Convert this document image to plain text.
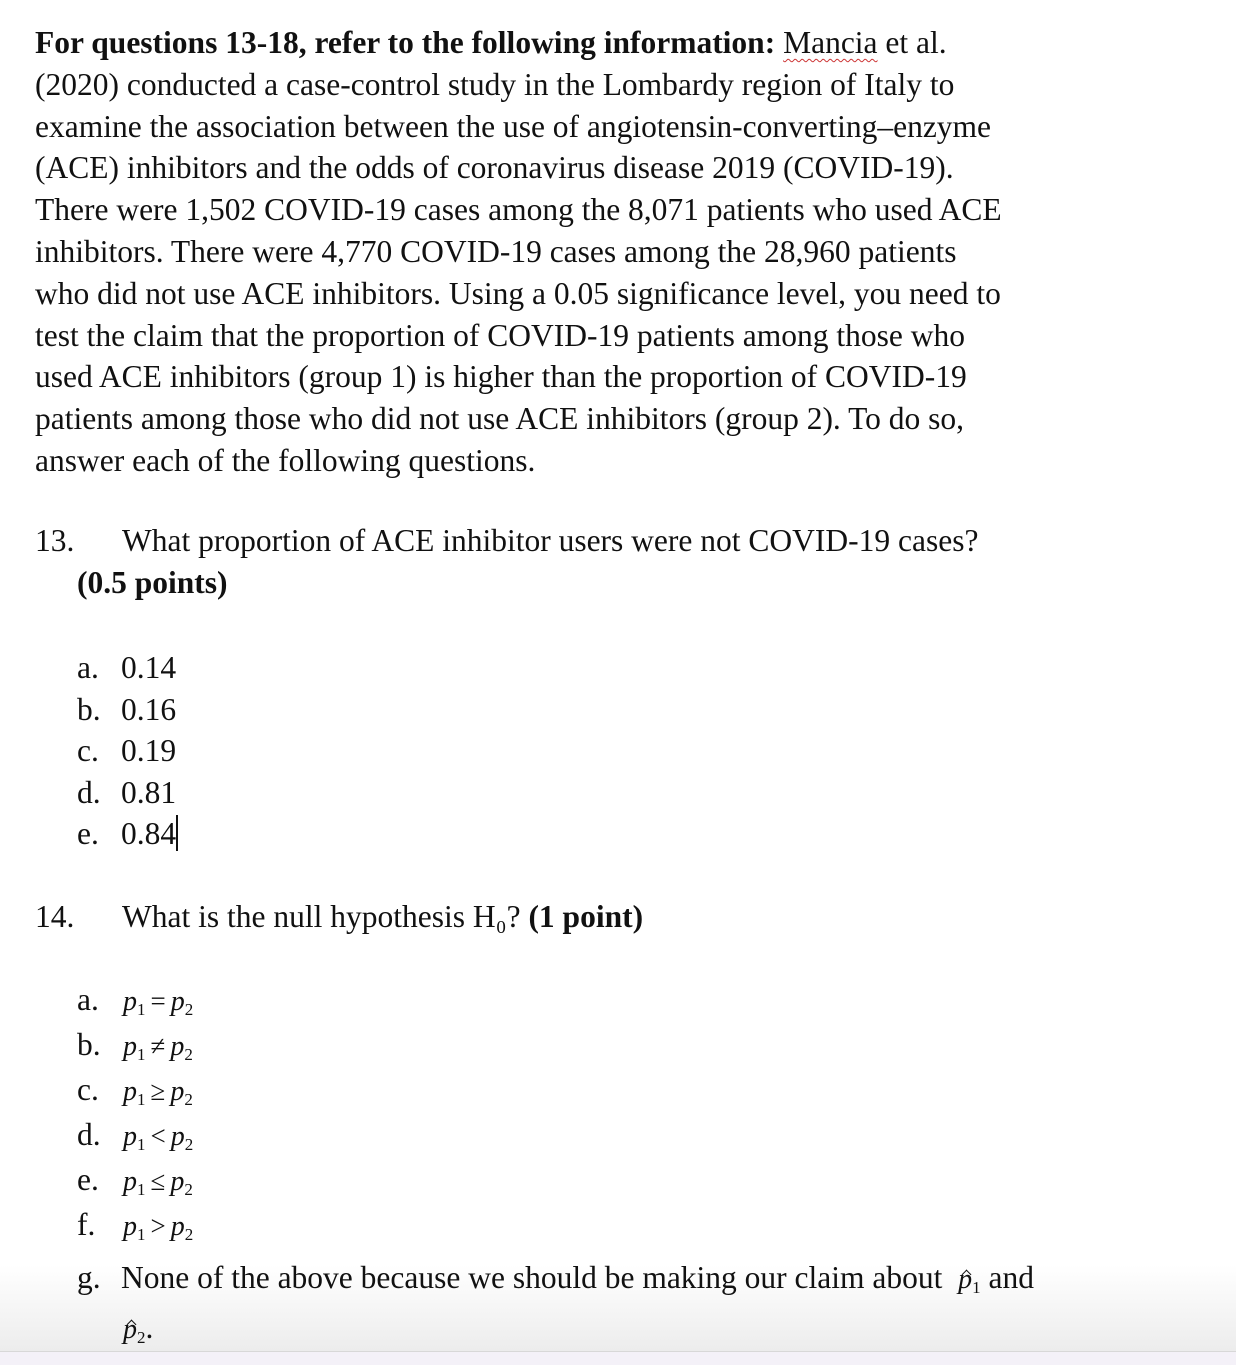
For questions 13-18, refer to the following information: Mancia et al.
(2020) conducted a case-control study in the Lombardy region of Italy to
examine the association between the use of angiotensin-converting–enzyme
(ACE) inhibitors and the odds of coronavirus disease 2019 (COVID-19).
There were 1,502 COVID-19 cases among the 8,071 patients who used ACE
inhibitors. There were 4,770 COVID-19 cases among the 28,960 patients
who did not use ACE inhibitors. Using a 0.05 significance level, you need to
test the claim that the proportion of COVID-19 patients among those who
used ACE inhibitors (group 1) is higher than the proportion of COVID-19
patients among those who did not use ACE inhibitors (group 2). To do so,
answer each of the following questions.
13. What proportion of ACE inhibitor users were not COVID-19 cases?
(0.5 points)
a. 0.14
b. 0.16
c. 0.19
d. 0.81
e. 0.84
14. What is the null hypothesis H₀? (1 point)
a. $p_1 = p_2$
b. $p_1 \ne p_2$
c. $p_1 \ge p_2$
d. $p_1 < p_2$
e. $p_1 \le p_2$
f. $p_1 > p_2$
g. None of the above because we should be making our claim about $p_1$ and
$p_2$.
